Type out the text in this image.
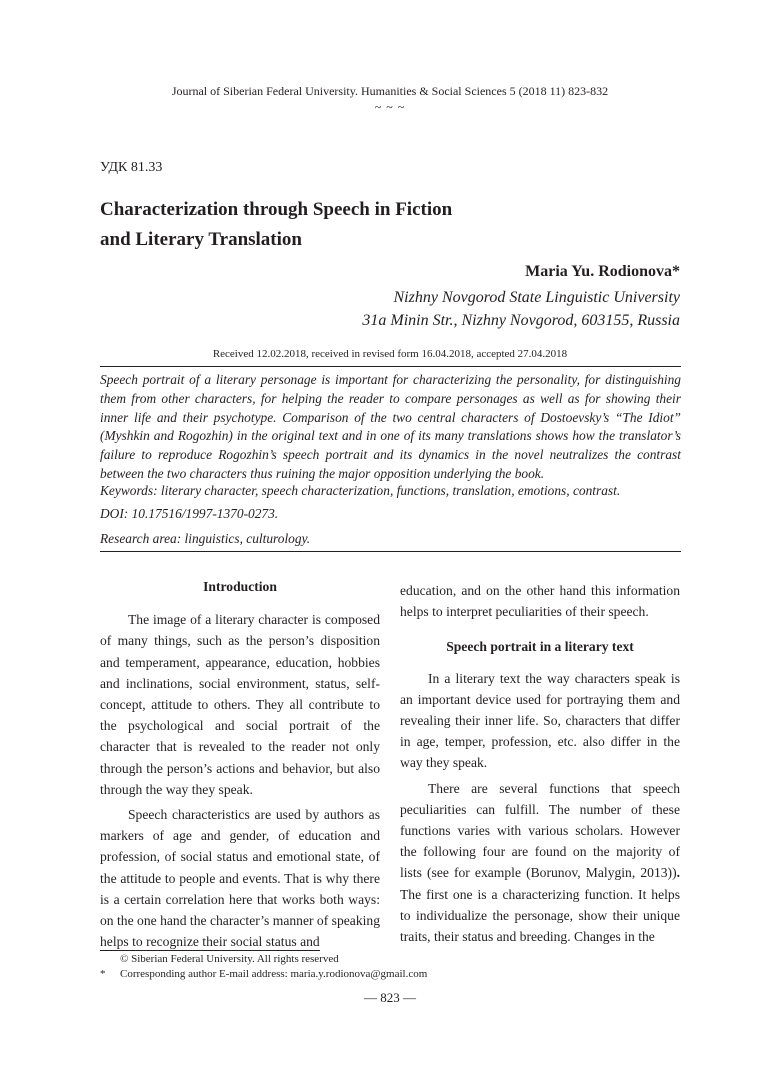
Journal of Siberian Federal University. Humanities & Social Sciences 5 (2018 11) 823-832
~ ~ ~
УДК 81.33
Characterization through Speech in Fiction
and Literary Translation
Maria Yu. Rodionova*
Nizhny Novgorod State Linguistic University
31a Minin Str., Nizhny Novgorod, 603155, Russia
Received 12.02.2018, received in revised form 16.04.2018, accepted 27.04.2018
Speech portrait of a literary personage is important for characterizing the personality, for distinguishing them from other characters, for helping the reader to compare personages as well as for showing their inner life and their psychotype. Comparison of the two central characters of Dostoevsky’s “The Idiot” (Myshkin and Rogozhin) in the original text and in one of its many translations shows how the translator’s failure to reproduce Rogozhin’s speech portrait and its dynamics in the novel neutralizes the contrast between the two characters thus ruining the major opposition underlying the book.
Keywords: literary character, speech characterization, functions, translation, emotions, contrast.
DOI: 10.17516/1997-1370-0273.
Research area: linguistics, culturology.
Introduction

The image of a literary character is composed of many things, such as the person’s disposition and temperament, appearance, education, hobbies and inclinations, social environment, status, self-concept, attitude to others. They all contribute to the psychological and social portrait of the character that is revealed to the reader not only through the person’s actions and behavior, but also through the way they speak.

Speech characteristics are used by authors as markers of age and gender, of education and profession, of social status and emotional state, of the attitude to people and events. That is why there is a certain correlation here that works both ways: on the one hand the character’s manner of speaking helps to recognize their social status and

education, and on the other hand this information helps to interpret peculiarities of their speech.

Speech portrait in a literary text

In a literary text the way characters speak is an important device used for portraying them and revealing their inner life. So, characters that differ in age, temper, profession, etc. also differ in the way they speak.

There are several functions that speech peculiarities can fulfill. The number of these functions varies with various scholars. However the following four are found on the majority of lists (see for example (Borunov, Malygin, 2013)). The first one is a characterizing function. It helps to individualize the personage, show their unique traits, their status and breeding. Changes in the

© Siberian Federal University. All rights reserved
* Corresponding author E-mail address: maria.y.rodionova@gmail.com
— 823 —
